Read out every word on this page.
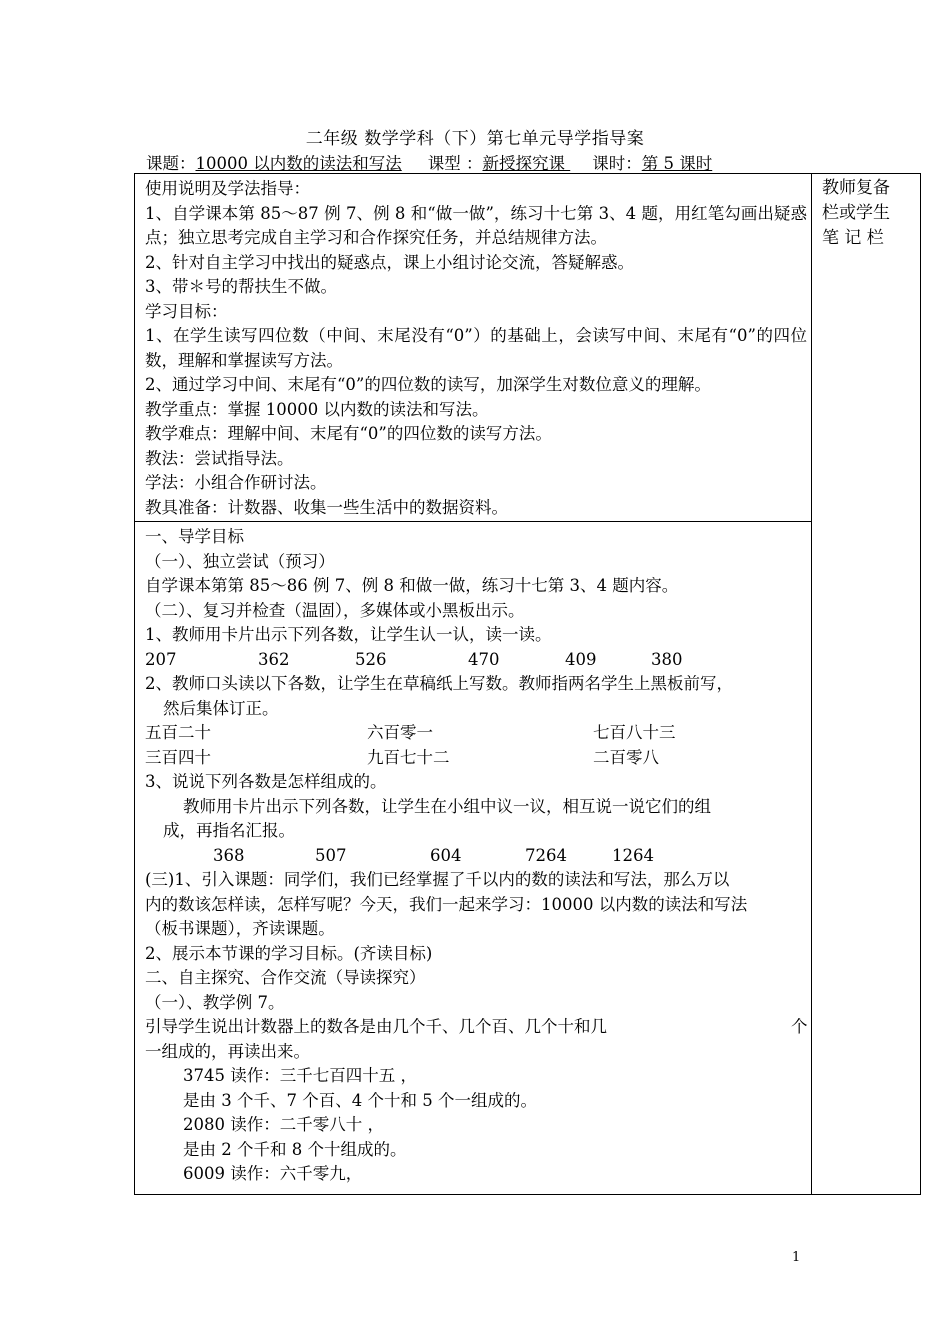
二年级 数学学科（下）第七单元导学指导案
课题：10000 以内数的读法和写法 课型 ：新授探究课 课时：第 5 课时
教师复备
栏或学生
笔 记 栏
使用说明及学法指导：
1、自学课本第 85～87 例 7、例 8 和“做一做”，练习十七第 3、4 题，用红笔勾画出疑惑点；独立思考完成自主学习和合作探究任务，并总结规律方法。
2、针对自主学习中找出的疑惑点，课上小组讨论交流，答疑解惑。
3、带＊号的帮扶生不做。
学习目标：
1、在学生读写四位数（中间、末尾没有“0”）的基础上，会读写中间、末尾有“0”的四位数，理解和掌握读写方法。
2、通过学习中间、末尾有“0”的四位数的读写，加深学生对数位意义的理解。
教学重点：掌握 10000 以内数的读法和写法。
教学难点：理解中间、末尾有“0”的四位数的读写方法。
教法：尝试指导法。
学法：小组合作研讨法。
教具准备：计数器、收集一些生活中的数据资料。
一、导学目标
（一）、独立尝试（预习）
自学课本第第 85～86 例 7、例 8 和做一做，练习十七第 3、4 题内容。
（二）、复习并检查（温固），多媒体或小黑板出示。
1、教师用卡片出示下列各数，让学生认一认，读一读。
207	362	526	470	409	380
2、教师口头读以下各数，让学生在草稿纸上写数。教师指两名学生上黑板前写，
然后集体订正。
五百二十	六百零一	七百八十三
三百四十	九百七十二	二百零八
3、说说下列各数是怎样组成的。
教师用卡片出示下列各数，让学生在小组中议一议，相互说一说它们的组
成，再指名汇报。
368	507	604	7264	1264
(三)1、引入课题：同学们，我们已经掌握了千以内的数的读法和写法，那么万以
内的数该怎样读，怎样写呢？今天，我们一起来学习：10000 以内数的读法和写法
（板书课题），齐读课题。
2、展示本节课的学习目标。(齐读目标)
二、自主探究、合作交流（导读探究）
（一）、教学例 7。
引导学生说出计数器上的数各是由几个千、几个百、几个十和几	个
一组成的，再读出来。
3745 读作：三千七百四十五 ，
是由 3 个千、7 个百、4 个十和 5 个一组成的。
2080 读作：二千零八十 ，
是由 2 个千和 8 个十组成的。
6009 读作：六千零九，
1
